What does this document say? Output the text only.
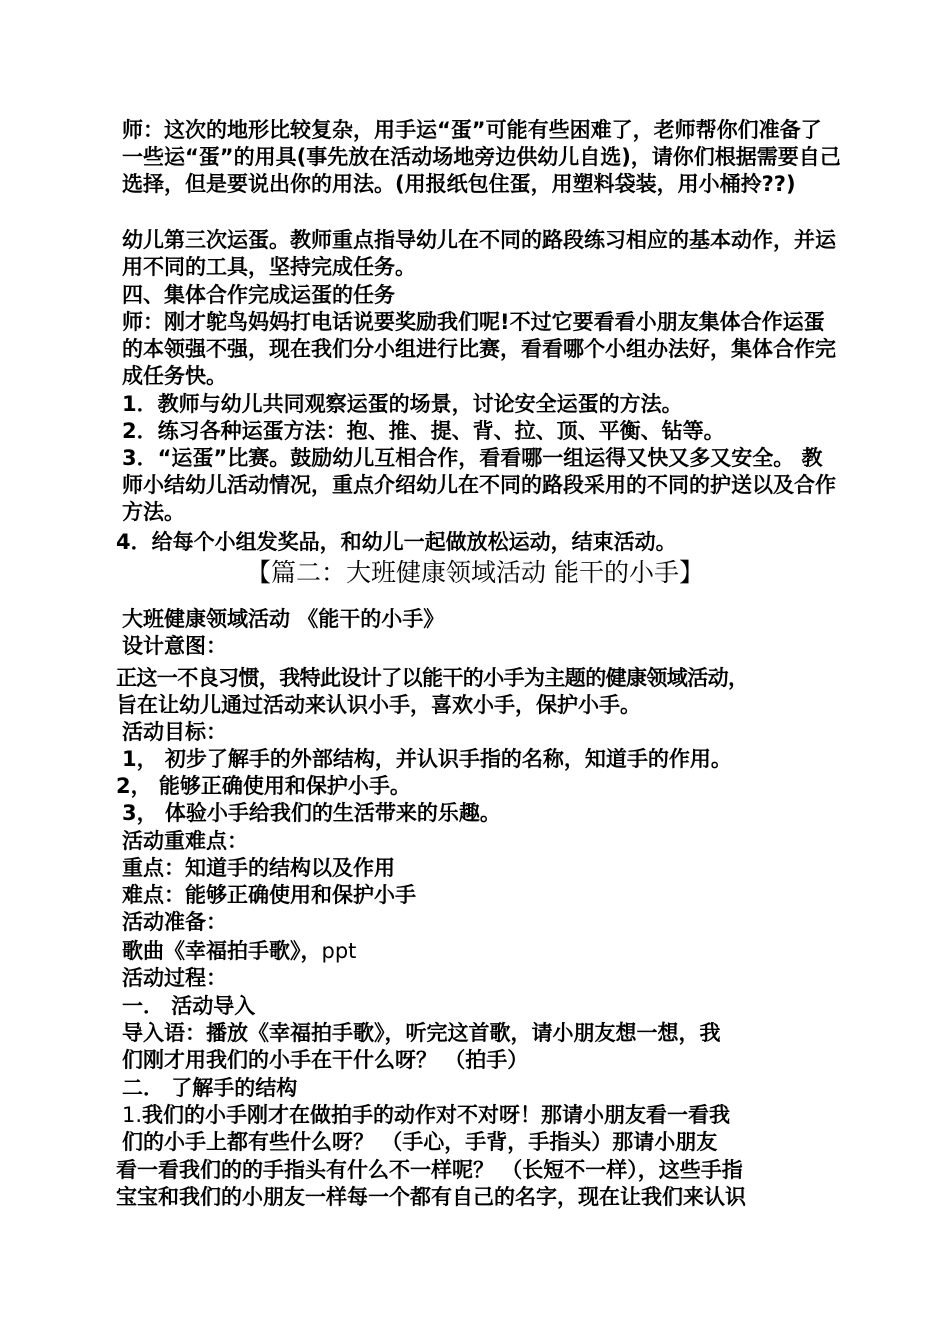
师：这次的地形比较复杂，用手运“蛋”可能有些困难了，老师帮你们准备了一些运“蛋”的用具(事先放在活动场地旁边供幼儿自选)，请你们根据需要自己选择，但是要说出你的用法。(用报纸包住蛋，用塑料袋装，用小桶拎??)
幼儿第三次运蛋。教师重点指导幼儿在不同的路段练习相应的基本动作，并运用不同的工具，坚持完成任务。
四、集体合作完成运蛋的任务
师：刚才鸵鸟妈妈打电话说要奖励我们呢!不过它要看看小朋友集体合作运蛋的本领强不强，现在我们分小组进行比赛，看看哪个小组办法好，集体合作完成任务快。
1．教师与幼儿共同观察运蛋的场景，讨论安全运蛋的方法。
2．练习各种运蛋方法：抱、推、提、背、拉、顶、平衡、钻等。
3．“运蛋”比赛。鼓励幼儿互相合作，看看哪一组运得又快又多又安全。 教师小结幼儿活动情况，重点介绍幼儿在不同的路段采用的不同的护送以及合作方法。
4．给每个小组发奖品，和幼儿一起做放松运动，结束活动。
【篇二：大班健康领域活动 能干的小手】
大班健康领域活动 《能干的小手》
设计意图：
正这一不良习惯，我特此设计了以能干的小手为主题的健康领域活动，
旨在让幼儿通过活动来认识小手，喜欢小手，保护小手。
活动目标：
1， 初步了解手的外部结构，并认识手指的名称，知道手的作用。
2， 能够正确使用和保护小手。
3， 体验小手给我们的生活带来的乐趣。
活动重难点：
重点：知道手的结构以及作用
难点：能够正确使用和保护小手
活动准备：
歌曲《幸福拍手歌》，ppt
活动过程：
一． 活动导入
导入语：播放《幸福拍手歌》，听完这首歌，请小朋友想一想，我
们刚才用我们的小手在干什么呀？ （拍手）
二． 了解手的结构
1.我们的小手刚才在做拍手的动作对不对呀！那请小朋友看一看我
们的小手上都有些什么呀？ （手心，手背，手指头）那请小朋友
看一看我们的的手指头有什么不一样呢？ （长短不一样），这些手指
宝宝和我们的小朋友一样每一个都有自己的名字，现在让我们来认识
